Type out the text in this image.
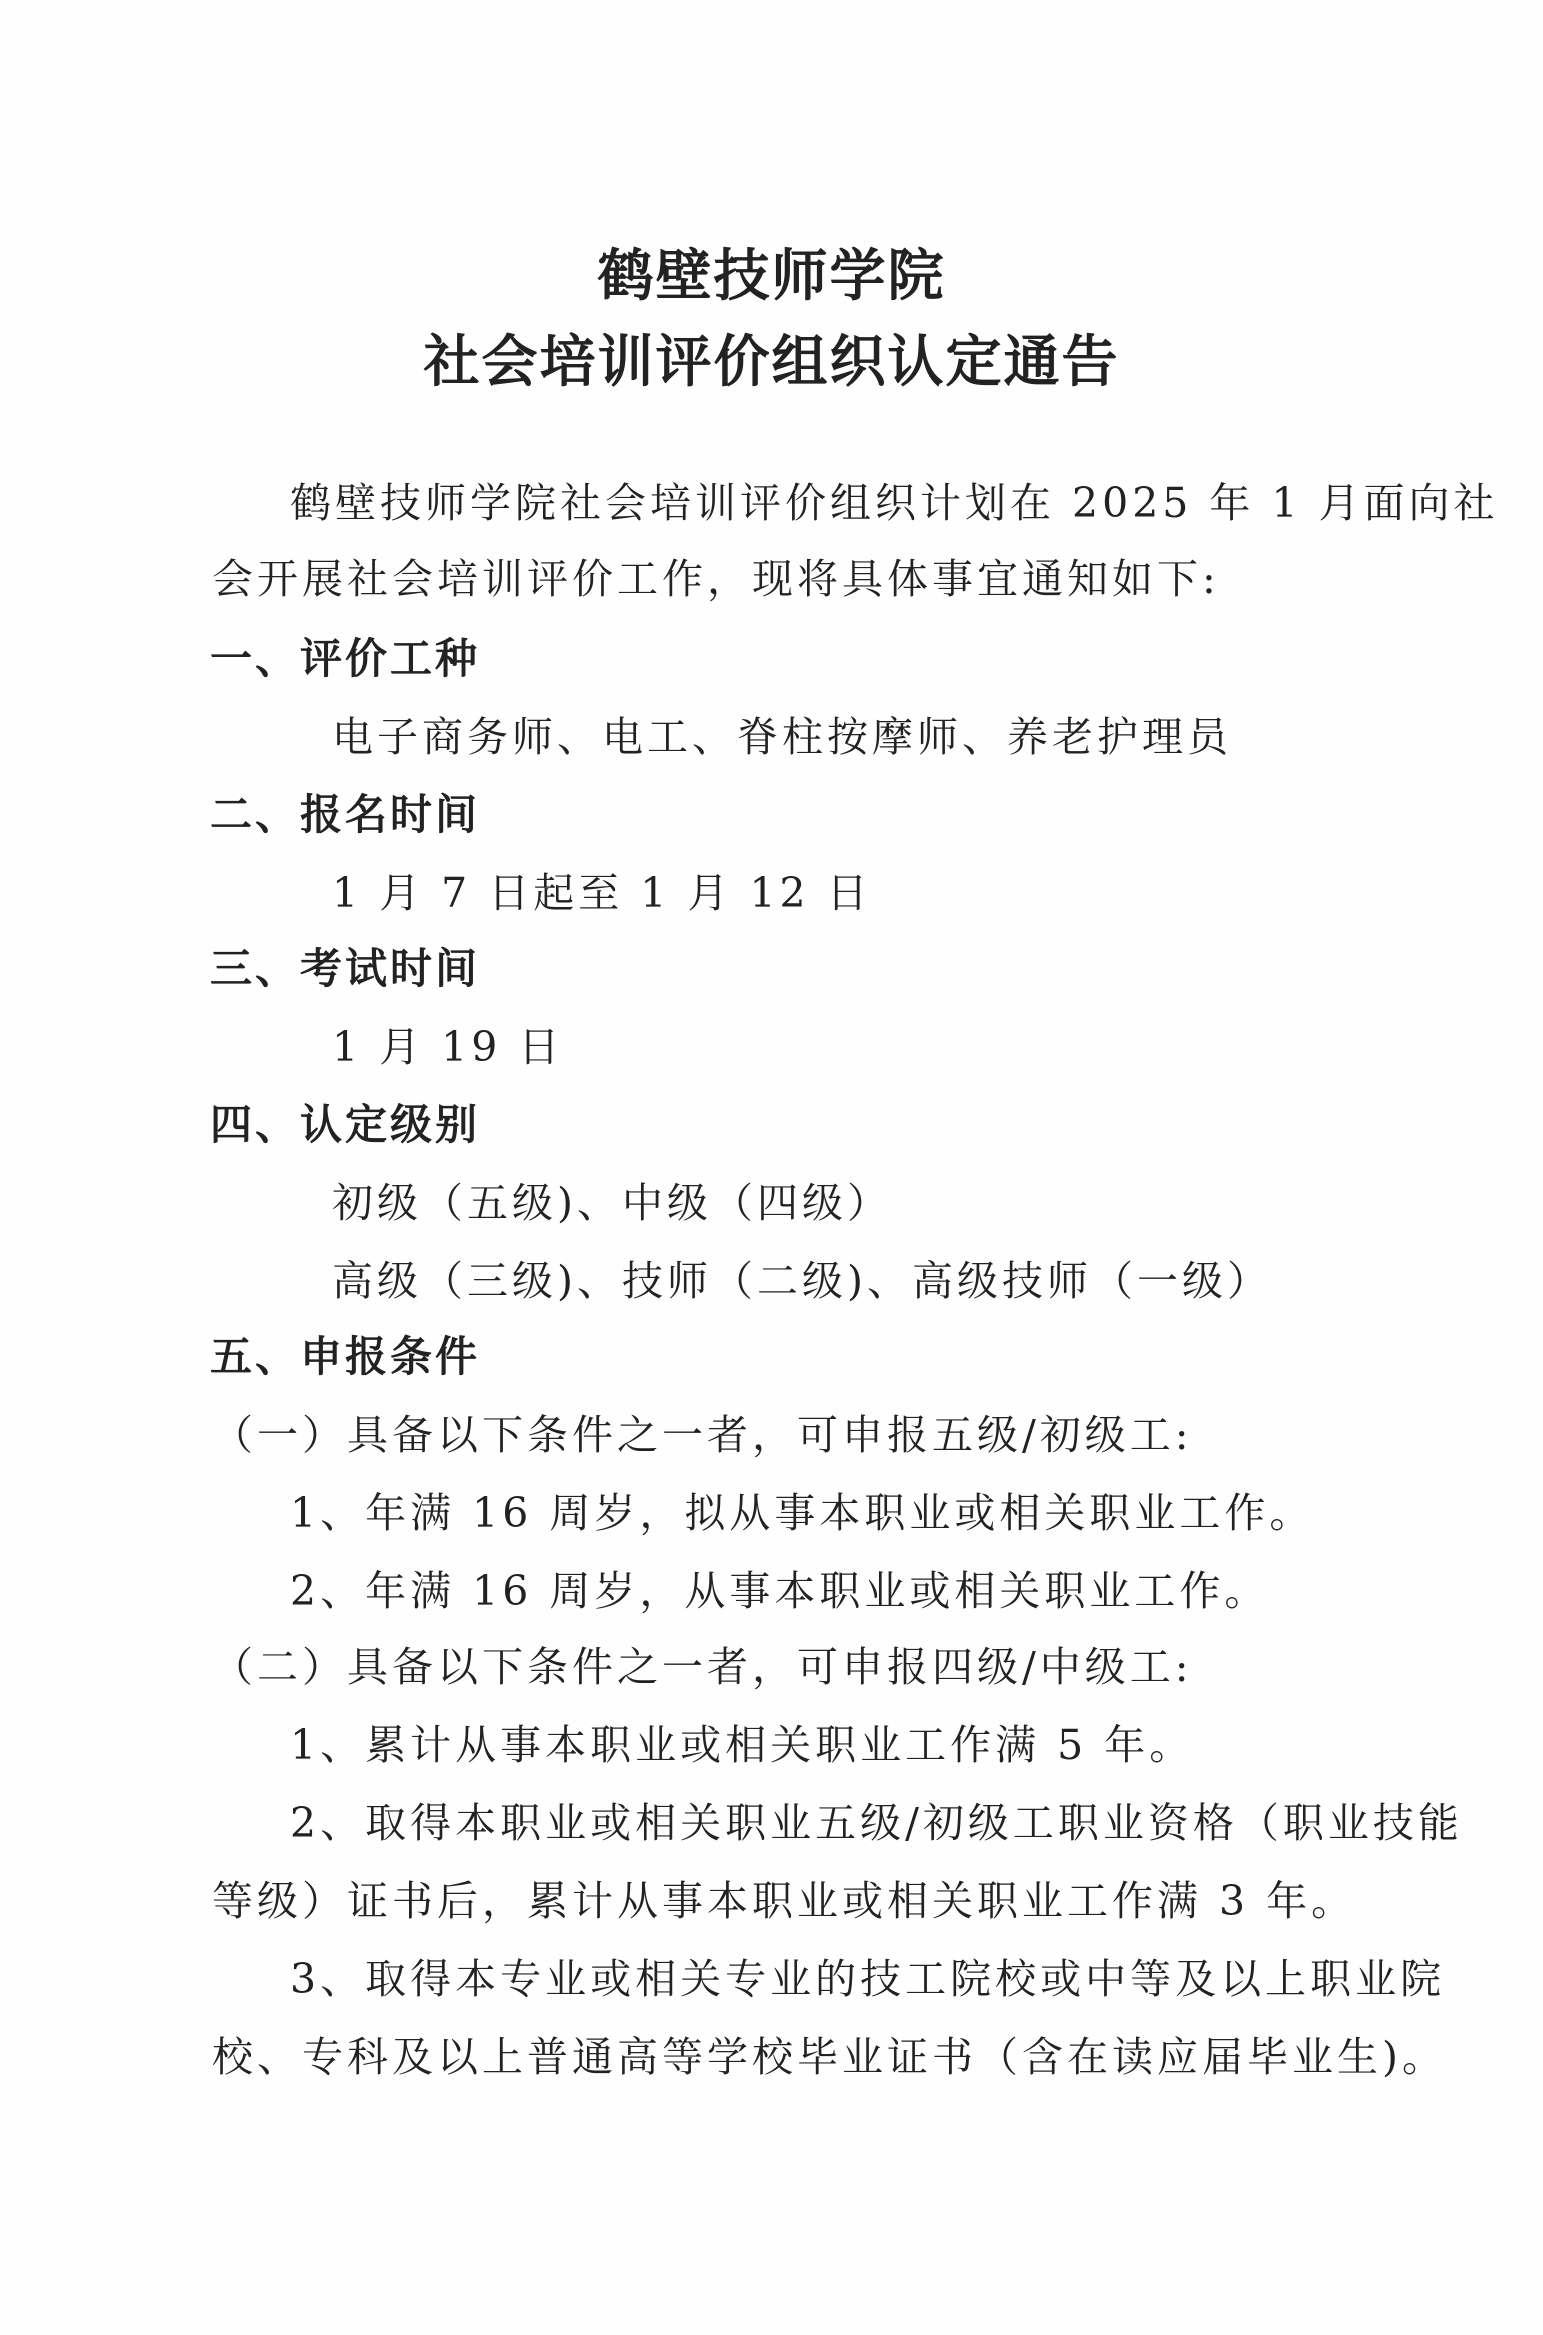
鹤壁技师学院
社会培训评价组织认定通告
鹤壁技师学院社会培训评价组织计划在 2025 年 1 月面向社
会开展社会培训评价工作，现将具体事宜通知如下:
一、评价工种
电子商务师、电工、脊柱按摩师、养老护理员
二、报名时间
1 月 7 日起至 1 月 12 日
三、考试时间
1 月 19 日
四、认定级别
初级（五级)、中级（四级）
高级（三级)、技师（二级)、高级技师（一级）
五、申报条件
（一）具备以下条件之一者，可申报五级/初级工:
1、年满 16 周岁，拟从事本职业或相关职业工作。
2、年满 16 周岁，从事本职业或相关职业工作。
（二）具备以下条件之一者，可申报四级/中级工:
1、累计从事本职业或相关职业工作满 5 年。
2、取得本职业或相关职业五级/初级工职业资格（职业技能
等级）证书后，累计从事本职业或相关职业工作满 3 年。
3、取得本专业或相关专业的技工院校或中等及以上职业院
校、专科及以上普通高等学校毕业证书（含在读应届毕业生)。
